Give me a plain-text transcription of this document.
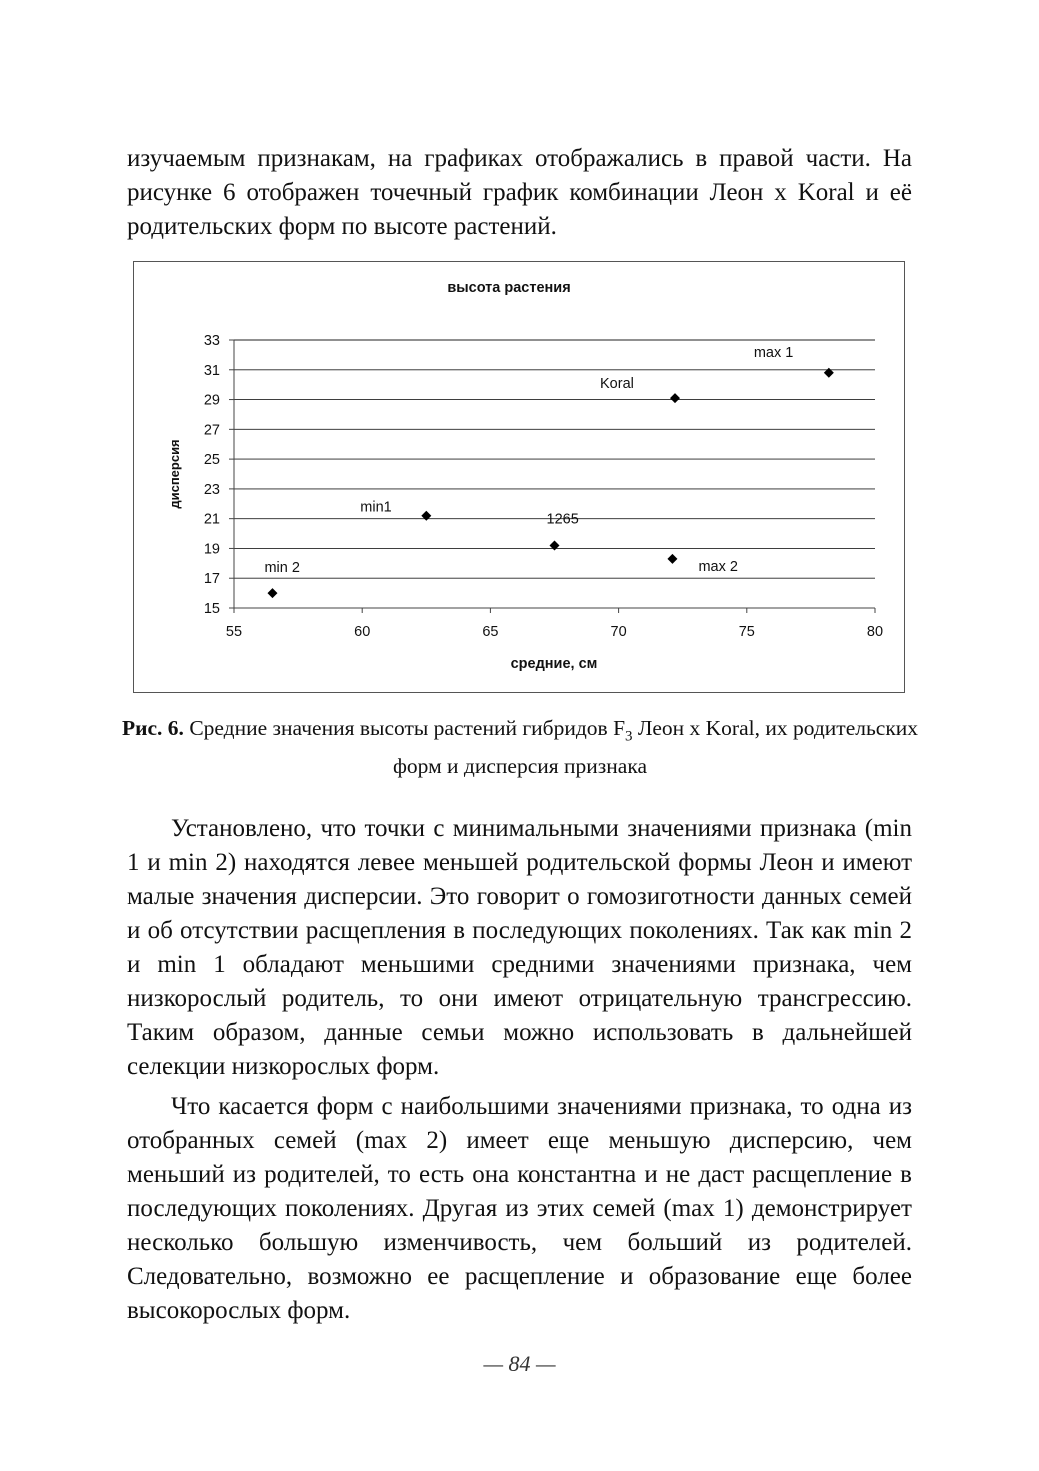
изучаемым признакам, на графиках отображались в правой части. На рисунке 6 отображен точечный график комбинации Леон x Koral и её родительских форм по высоте растений.

высота растения
15
17
19
21
23
25
27
29
31
33
55	60	65	70	75	80
max 1
Koral
min1
1265
max 2
min 2
средние, см
дисперсия
Рис. 6. Средние значения высоты растений гибридов $F_3$ Леон x Koral, их родительских форм и дисперсия признака

Установлено, что точки с минимальными значениями признака (min 1 и min 2) находятся левее меньшей родительской формы Леон и имеют малые значения дисперсии. Это говорит о гомозиготности данных семей и об отсутствии расщепления в последующих поколениях. Так как min 2 и min 1 обладают меньшими средними значениями признака, чем низкорослый родитель, то они имеют отрицательную трансгрессию. Таким образом, данные семьи можно использовать в дальнейшей селекции низкорослых форм.

Что касается форм с наибольшими значениями признака, то одна из отобранных семей (max 2) имеет еще меньшую дисперсию, чем меньший из родителей, то есть она константна и не даст расщепление в последующих поколениях. Другая из этих семей (max 1) демонстрирует несколько большую изменчивость, чем больший из родителей. Следовательно, возможно ее расщепление и образование еще более высокорослых форм.

— 84 —
